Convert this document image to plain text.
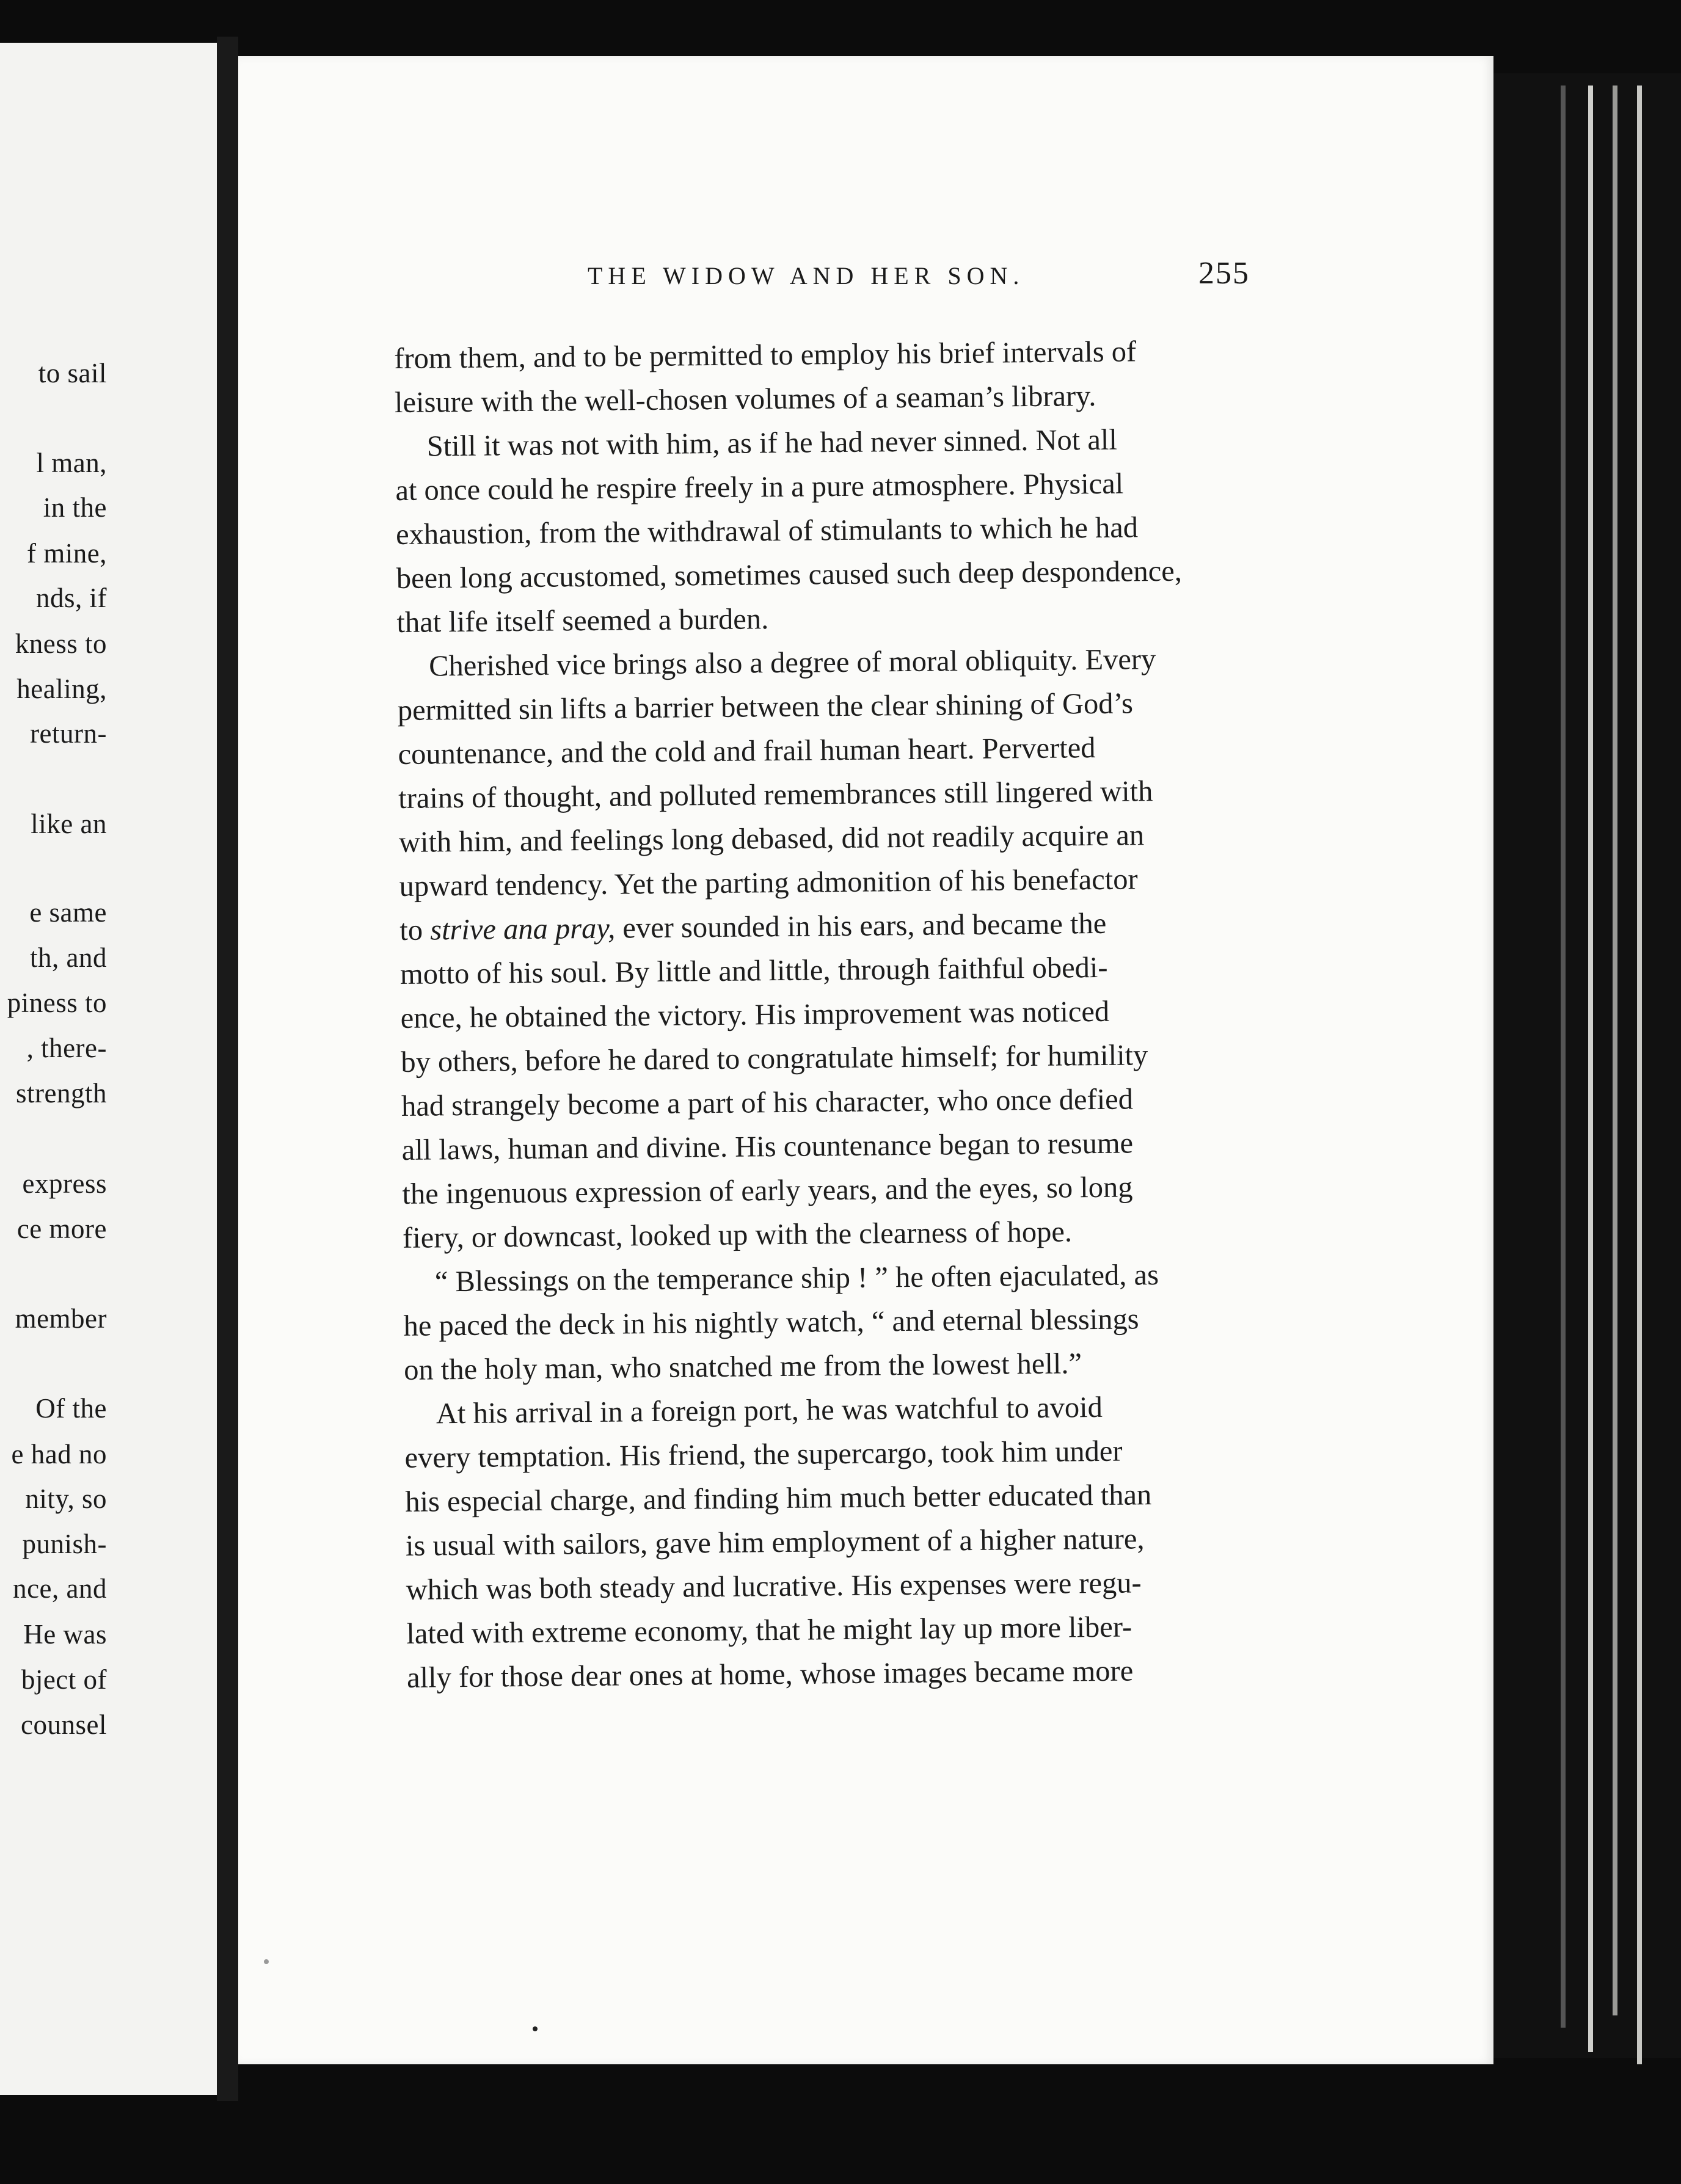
to sail
l man,
in the
f mine,
nds, if
kness to
healing,
return-
like an
e same
th, and
piness to
, there-
strength
express
ce more
member
Of the
e had no
nity, so
punish-
nce, and
He was
bject of
counsel
THE WIDOW AND HER SON.	255
from them, and to be permitted to employ his brief intervals of
leisure with the well-chosen volumes of a seaman’s library.
Still it was not with him, as if he had never sinned. Not all
at once could he respire freely in a pure atmosphere. Physical
exhaustion, from the withdrawal of stimulants to which he had
been long accustomed, sometimes caused such deep despondence,
that life itself seemed a burden.
Cherished vice brings also a degree of moral obliquity. Every
permitted sin lifts a barrier between the clear shining of God’s
countenance, and the cold and frail human heart. Perverted
trains of thought, and polluted remembrances still lingered with
with him, and feelings long debased, did not readily acquire an
upward tendency. Yet the parting admonition of his benefactor
to strive ana pray, ever sounded in his ears, and became the
motto of his soul. By little and little, through faithful obedi-
ence, he obtained the victory. His improvement was noticed
by others, before he dared to congratulate himself; for humility
had strangely become a part of his character, who once defied
all laws, human and divine. His countenance began to resume
the ingenuous expression of early years, and the eyes, so long
fiery, or downcast, looked up with the clearness of hope.
“ Blessings on the temperance ship ! ” he often ejaculated, as
he paced the deck in his nightly watch, “ and eternal blessings
on the holy man, who snatched me from the lowest hell.”
At his arrival in a foreign port, he was watchful to avoid
every temptation. His friend, the supercargo, took him under
his especial charge, and finding him much better educated than
is usual with sailors, gave him employment of a higher nature,
which was both steady and lucrative. His expenses were regu-
lated with extreme economy, that he might lay up more liber-
ally for those dear ones at home, whose images became more
